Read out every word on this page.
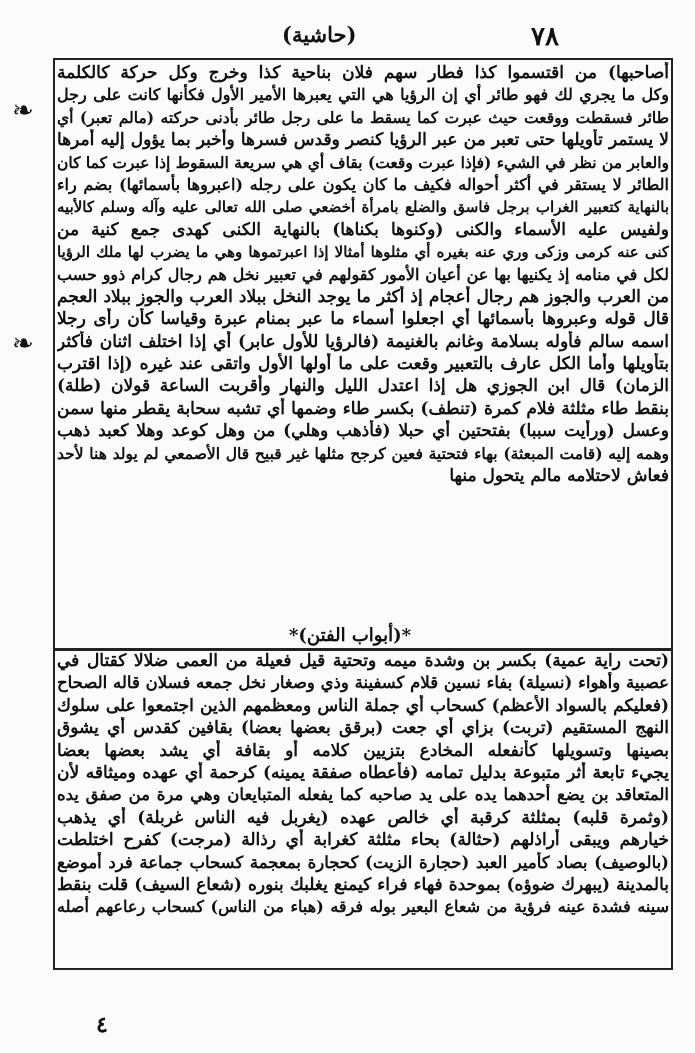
٧٨
(حاشية)
❧
❧
أصاحبها) من اقتسموا كذا فطار سهم فلان بناحية كذا وخرج وكل حركة كالكلمة
وكل ما يجري لك فهو طائر أي إن الرؤيا هي التي يعبرها الأمير الأول فكأنها كانت على رجل
طائر فسقطت ووقعت حيث عبرت كما يسقط ما على رجل طائر بأدنى حركته (مالم تعبر) أي
لا يستمر تأويلها حتى تعبر من عبر الرؤيا كنصر وقدس فسرها وأخبر بما يؤول إليه أمرها
والعابر من نظر في الشيء (فإذا عبرت وقعت) بقاف أي هي سريعة السقوط إذا عبرت كما كان
الطائر لا يستقر في أكثر أحواله فكيف ما كان يكون على رجله (اعبروها بأسمائها) بضم راء
بالنهاية كتعبير الغراب برجل فاسق والضلع بامرأة أخضعي صلى الله تعالى عليه وآله وسلم كالأبيه
ولفيس عليه الأسماء والكنى (وكنوها بكناها) بالنهاية الكنى كهدى جمع كنية من
كنى عنه كرمى وزكى وري عنه بغيره أي مثلوها أمثالا إذا اعبرتموها وهي ما يضرب لها ملك الرؤيا
لكل في منامه إذ يكنيها بها عن أعيان الأمور كقولهم في تعبير نخل هم رجال كرام ذوو حسب
من العرب والجوز هم رجال أعجام إذ أكثر ما يوجد النخل ببلاد العرب والجوز ببلاد العجم
قال قوله وعبروها بأسمائها أي اجعلوا أسماء ما عبر بمنام عبرة وقياسا كأن رأى رجلا
اسمه سالم فأوله بسلامة وغانم بالغنيمة (فالرؤيا للأول عابر) أي إذا اختلف اثنان فأكثر
بتأويلها وأما الكل عارف بالتعبير وقعت على ما أولها الأول واتقى عند غيره (إذا اقترب
الزمان) قال ابن الجوزي هل إذا اعتدل الليل والنهار وأقربت الساعة قولان (طلة)
بنقط طاء مثلثة فلام كمرة (تنطف) بكسر طاء وضمها أي تشبه سحابة يقطر منها سمن
وعسل (ورأيت سببا) بفتحتين أي حبلا (فأذهب وهلي) من وهل كوعد وهلا كعبد ذهب
وهمه إليه (قامت المبعثة) بهاء فتحتية فعين كرجح مثلها غير قبيح قال الأصمعي لم يولد هنا لأحد
فعاش لاحتلامه مالم يتحول منها
*(أبواب الفتن)*
(تحت راية عمية) بكسر بن وشدة ميمه وتحتية قيل فعيلة من العمى ضلالا كقتال في
عصبية وأهواء (نسيلة) بفاء نسين قلام كسفينة وذي وصغار نخل جمعه فسلان قاله الصحاح
(فعليكم بالسواد الأعظم) كسحاب أي جملة الناس ومعظمهم الذين اجتمعوا على سلوك
النهج المستقيم (تربت) بزاي أي جعت (برقق بعضها بعضا) بقافين كقدس أي يشوق
بصينها وتسويلها كأنفعله المخادع بتزيين كلامه أو بقافة أي يشد بعضها بعضا
يجيء تابعة أثر متبوعة بدليل تمامه (فأعطاه صفقة يمينه) كرحمة أي عهده وميثاقه لأن
المتعاقد بن يضع أحدهما يده على يد صاحبه كما يفعله المتبايعان وهي مرة من صفق يده
(وثمرة قلبه) بمثلثة كرقبة أي خالص عهده (يغربل فيه الناس غربلة) أي يذهب
خيارهم ويبقى أراذلهم (حثالة) بحاء مثلثة كغرابة أي رذالة (مرجت) كفرح اختلطت
(بالوصيف) بصاد كأمير العبد (حجارة الزيت) كحجارة بمعجمة كسحاب جماعة فرد أموضع
بالمدينة (يبهرك ضوؤه) بموحدة فهاء فراء كيمنع يغلبك بنوره (شعاع السيف) قلت بنقط
سينه فشدة عينه فرؤية من شعاع البعير بوله فرقه (هباء من الناس) كسحاب رعاعهم أصله
٤
